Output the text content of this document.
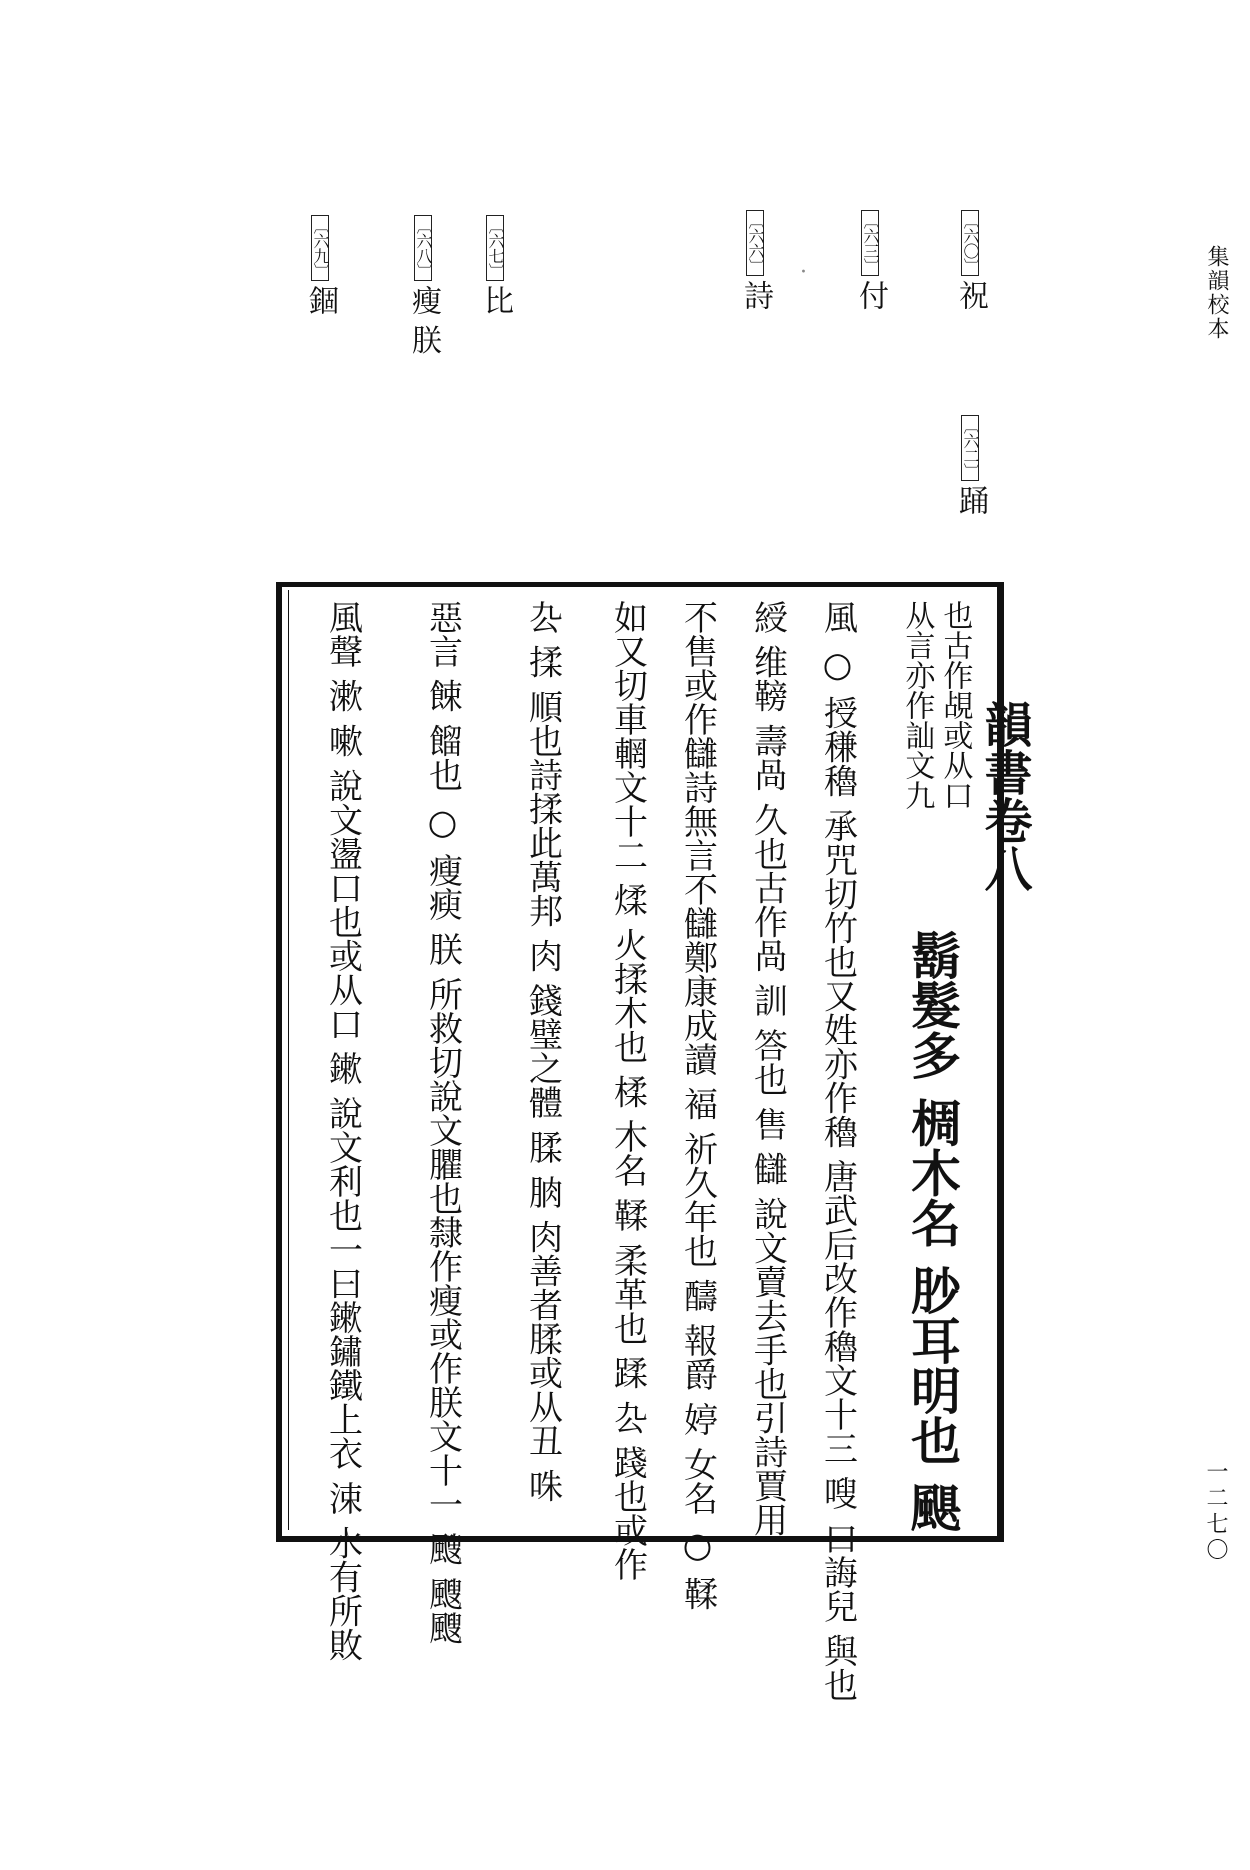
集韻校本
〔六〇〕祝
〔六三〕付
〔六六〕詩
〔六七〕比
〔六八〕瘦 朕
〔六九〕錮
〔六二〕踊
·
韻書卷八
也古作覘或从口
从言亦作訕文九
鬍髮多 椆木名 䏚耳明也 颶
風 ○ 授稴穭 承咒切竹也又姓亦作穭 唐武后改作穭文十三 嗖 口誨兒 與也
綬 维䩷 壽咼 久也古作咼 訓 答也 售 讎 說文賣去手也引詩賈用
不售或作讎詩無言不讎鄭康成讀 褔 祈久年也 醻 報爵 婷 女名 ○ 鞣
如又切車輞文十二 煣 火揉木也 楺 木名 鞣 柔革也 蹂 厹 踐也或作
厹 揉 順也詩揉此萬邦 肉 錢璧之體 腬 朒 肉善者腬或从丑 咮
惡言 餗 餾也 ○ 瘦瘐 朕 所救切說文臞也隸作瘦或作朕文十一 颼 颼颼
風聲 漱 嗽 說文盪口也或从口 鏉 說文利也一曰鏉鏽鐵上衣 涑 水有所敗	一二七〇
